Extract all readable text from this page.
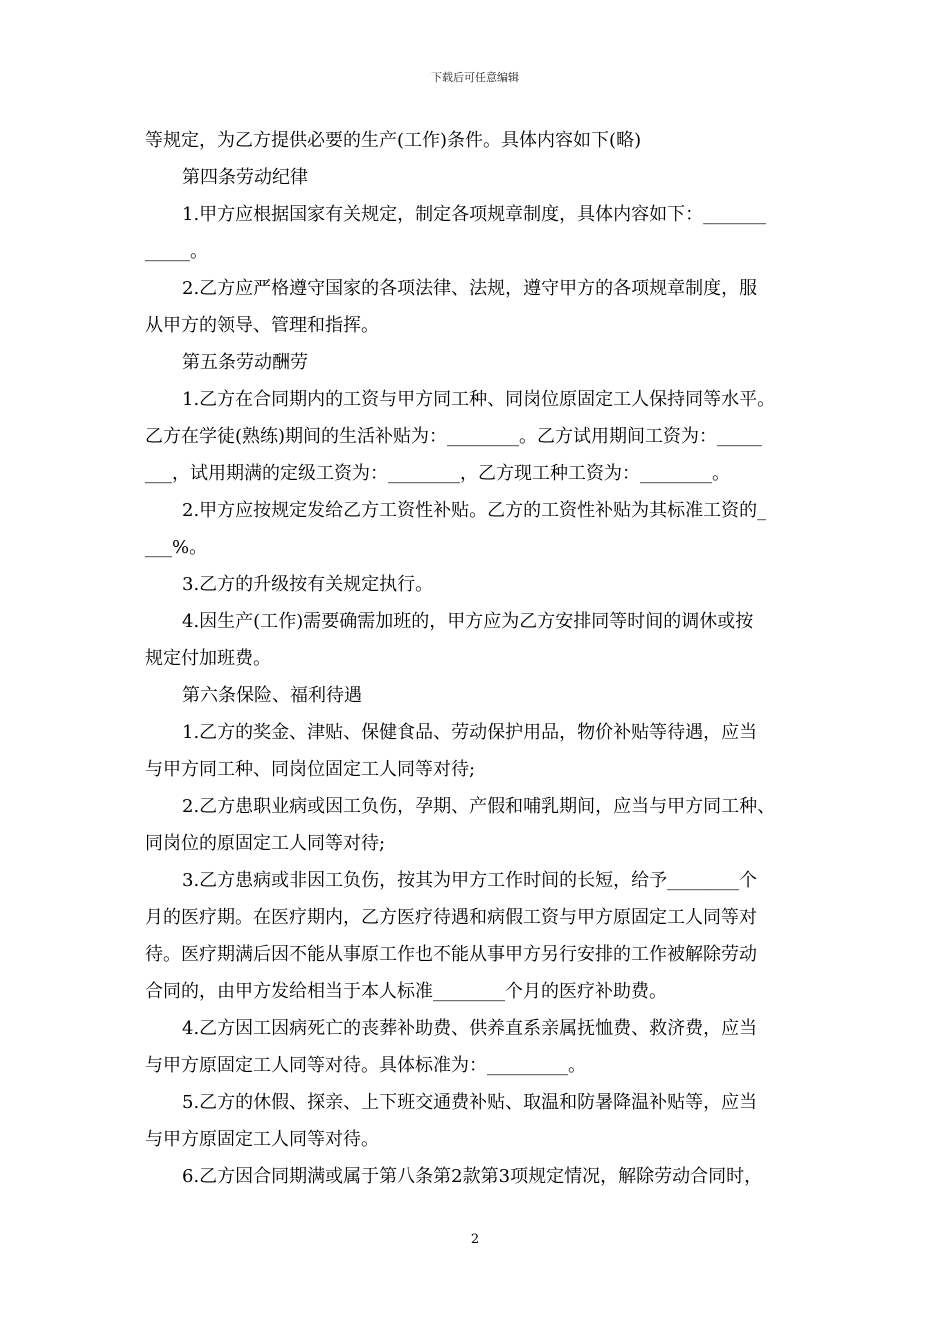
下载后可任意编辑
等规定，为乙方提供必要的生产(工作)条件。具体内容如下(略)
第四条劳动纪律
1.甲方应根据国家有关规定，制定各项规章制度，具体内容如下：_______
_____。
2.乙方应严格遵守国家的各项法律、法规，遵守甲方的各项规章制度，服
从甲方的领导、管理和指挥。
第五条劳动酬劳
1.乙方在合同期内的工资与甲方同工种、同岗位原固定工人保持同等水平。
乙方在学徒(熟练)期间的生活补贴为：________。乙方试用期间工资为：_____
___，试用期满的定级工资为：________，乙方现工种工资为：________。
2.甲方应按规定发给乙方工资性补贴。乙方的工资性补贴为其标准工资的_
___%。
3.乙方的升级按有关规定执行。
4.因生产(工作)需要确需加班的，甲方应为乙方安排同等时间的调休或按
规定付加班费。
第六条保险、福利待遇
1.乙方的奖金、津贴、保健食品、劳动保护用品，物价补贴等待遇，应当
与甲方同工种、同岗位固定工人同等对待;
2.乙方患职业病或因工负伤，孕期、产假和哺乳期间，应当与甲方同工种、
同岗位的原固定工人同等对待;
3.乙方患病或非因工负伤，按其为甲方工作时间的长短，给予________个
月的医疗期。在医疗期内，乙方医疗待遇和病假工资与甲方原固定工人同等对
待。医疗期满后因不能从事原工作也不能从事甲方另行安排的工作被解除劳动
合同的，由甲方发给相当于本人标准________个月的医疗补助费。
4.乙方因工因病死亡的丧葬补助费、供养直系亲属抚恤费、救济费，应当
与甲方原固定工人同等对待。具体标准为：_________。
5.乙方的休假、探亲、上下班交通费补贴、取温和防暑降温补贴等，应当
与甲方原固定工人同等对待。
6.乙方因合同期满或属于第八条第2款第3项规定情况，解除劳动合同时，
2
